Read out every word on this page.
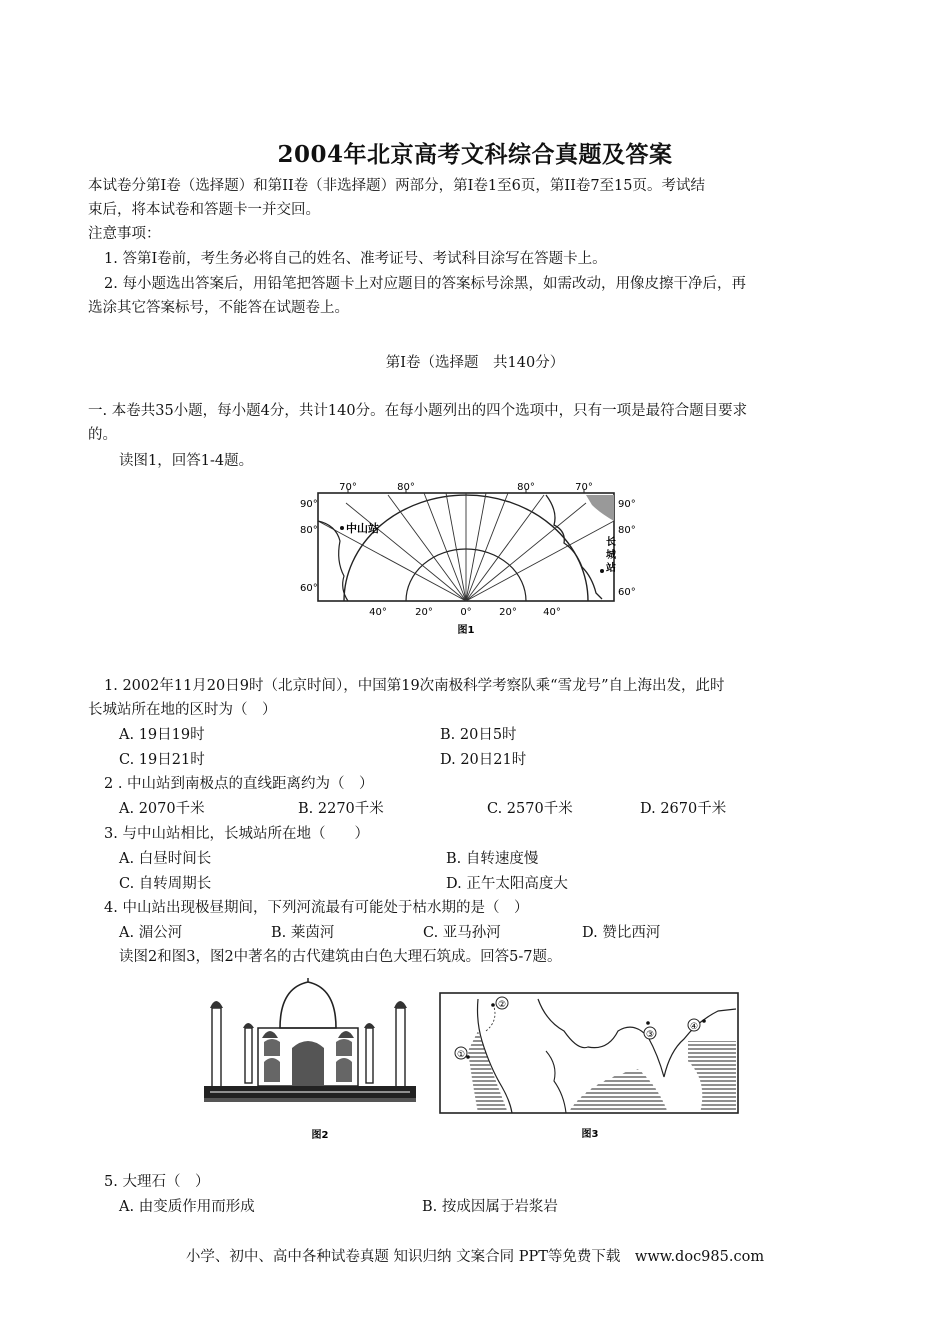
2004年北京高考文科综合真题及答案
本试卷分第Ⅰ卷（选择题）和第II卷（非选择题）两部分，第Ⅰ卷1至6页，第II卷7至15页。考试结
束后，将本试卷和答题卡一并交回。
注意事项：
1. 答第Ⅰ卷前，考生务必将自己的姓名、准考证号、考试科目涂写在答题卡上。
2. 每小题选出答案后，用铅笔把答题卡上对应题目的答案标号涂黑，如需改动，用像皮擦干净后，再
选涂其它答案标号，不能答在试题卷上。
第Ⅰ卷（选择题　共140分）
一. 本卷共35小题，每小题4分，共计140分。在每小题列出的四个选项中，只有一项是最符合题目要求
的。
读图1，回答1-4题。
70°	80°	80°	70°
40°	20°	0°	20°	40°
90°
80°
60°
90°
80°
60°
中山站
长
城
站
图1
1. 2002年11月20日9时（北京时间），中国第19次南极科学考察队乘“雪龙号”自上海出发，此时
长城站所在地的区时为（　）
A. 19日19时	B. 20日5时
C. 19日21时	D. 20日21时
2 . 中山站到南极点的直线距离约为（　）
A. 2070千米	B. 2270千米	C. 2570千米	D. 2670千米
3. 与中山站相比，长城站所在地（　　）
A. 白昼时间长	B. 自转速度慢
C. 自转周期长	D. 正午太阳高度大
4. 中山站出现极昼期间，下列河流最有可能处于枯水期的是（　）
A. 湄公河	B. 莱茵河	C. 亚马孙河	D. 赞比西河
读图2和图3，图2中著名的古代建筑由白色大理石筑成。回答5-7题。
图2
①
②
③
④
图3
5. 大理石（　）
A. 由变质作用而形成	B. 按成因属于岩浆岩
小学、初中、高中各种试卷真题 知识归纳 文案合同 PPT等免费下载　www.doc985.com
